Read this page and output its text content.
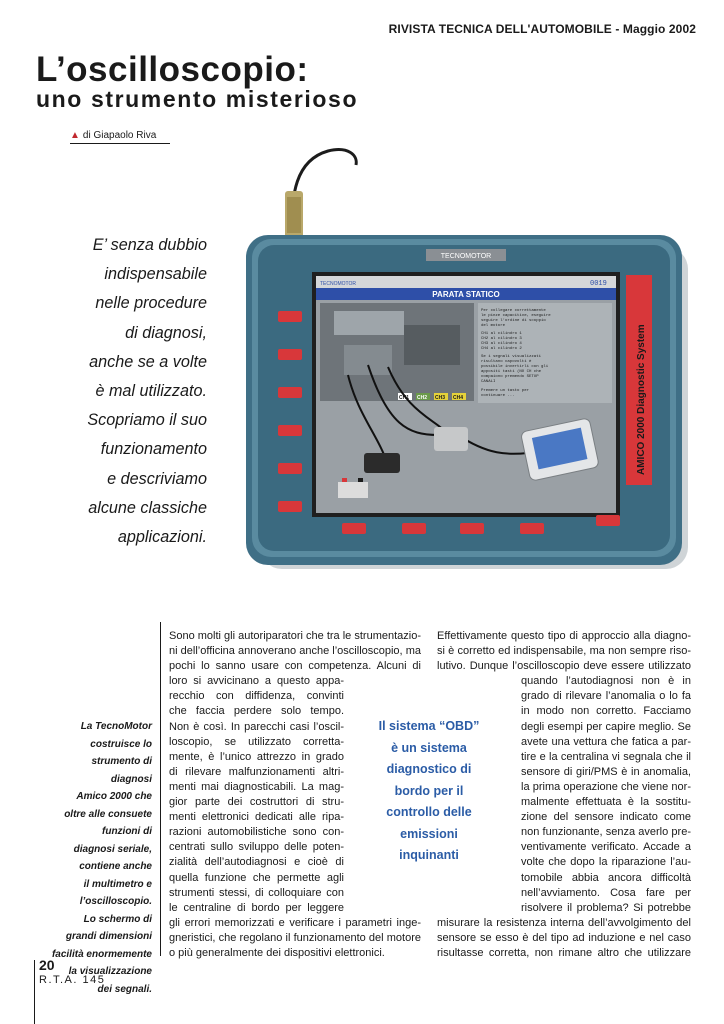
RIVISTA TECNICA DELL'AUTOMOBILE - Maggio 2002
L’oscilloscopio:
uno strumento misterioso
▲ di Giapaolo Riva
E’ senza dubbio
indispensabile
nelle procedure
di diagnosi,
anche se a volte
è mal utilizzato.
Scopriamo il suo
funzionamento
e descriviamo
alcune classiche
applicazioni.
TECNOMOTOR
PARATA STATICO
0019
TECNOMOTOR
Per collegare correttamente
le pinze capacitive, eseguire
seguire l'ordine di scoppio
del motore
CH1 al cilindro 1
CH2 al cilindro 3
CH3 al cilindro 4
CH4 al cilindro 2
Se i segnali visualizzati
risultano capovolti è
possibile invertirli con gli
appositi tasti (NO CH che
compaiono premendo SETUP
CANALI
Premere un tasto per
continuare ...
CH1 CH2 CH3 CH4	AMICO 2000 Diagnostic System
La TecnoMotor
costruisce lo
strumento di
diagnosi
Amico 2000 che
oltre alle consuete
funzioni di
diagnosi seriale,
contiene anche
il multimetro e
l’oscilloscopio.
Lo schermo di
grandi dimensioni
facilità enormemente
la visualizzazione
dei segnali.
Sono molti gli autoriparatori che tra le strumentazio-
ni dell’officina annoverano anche l’oscilloscopio, ma
pochi lo sanno usare con competenza. Alcuni di
loro si avvicinano a questo appa-
recchio con diffidenza, convinti
che faccia perdere solo tempo.
Non è così. In parecchi casi l’oscil-
loscopio, se utilizzato corretta-
mente, è l’unico attrezzo in grado
di rilevare malfunzionamenti altri-
menti mai diagnosticabili. La mag-
gior parte dei costruttori di stru-
menti elettronici dedicati alle ripa-
razioni automobilistiche sono con-
centrati sullo sviluppo delle poten-
zialità dell’autodiagnosi e cioè di
quella funzione che permette agli
strumenti stessi, di colloquiare con
le centraline di bordo per leggere
gli errori memorizzati e verificare i parametri inge-
gneristici, che regolano il funzionamento del motore
o più generalmente dei dispositivi elettronici.
Effettivamente questo tipo di approccio alla diagno-
si è corretto ed indispensabile, ma non sempre riso-
lutivo. Dunque l’oscilloscopio deve essere utilizzato
quando l’autodiagnosi non è in
grado di rilevare l’anomalia o lo fa
in modo non corretto. Facciamo
degli esempi per capire meglio. Se
avete una vettura che fatica a par-
tire e la centralina vi segnala che il
sensore di giri/PMS è in anomalia,
la prima operazione che viene nor-
malmente effettuata è la sostitu-
zione del sensore indicato come
non funzionante, senza averlo pre-
ventivamente verificato. Accade a
volte che dopo la riparazione l’au-
tomobile abbia ancora difficoltà
nell’avviamento. Cosa fare per
risolvere il problema? Si potrebbe
misurare la resistenza interna dell’avvolgimento del
sensore se esso è del tipo ad induzione e nel caso
risultasse corretta, non rimane altro che utilizzare
Il sistema “OBD”
è un sistema
diagnostico di
bordo per il
controllo delle
emissioni
inquinanti
20
R.T.A. 145
